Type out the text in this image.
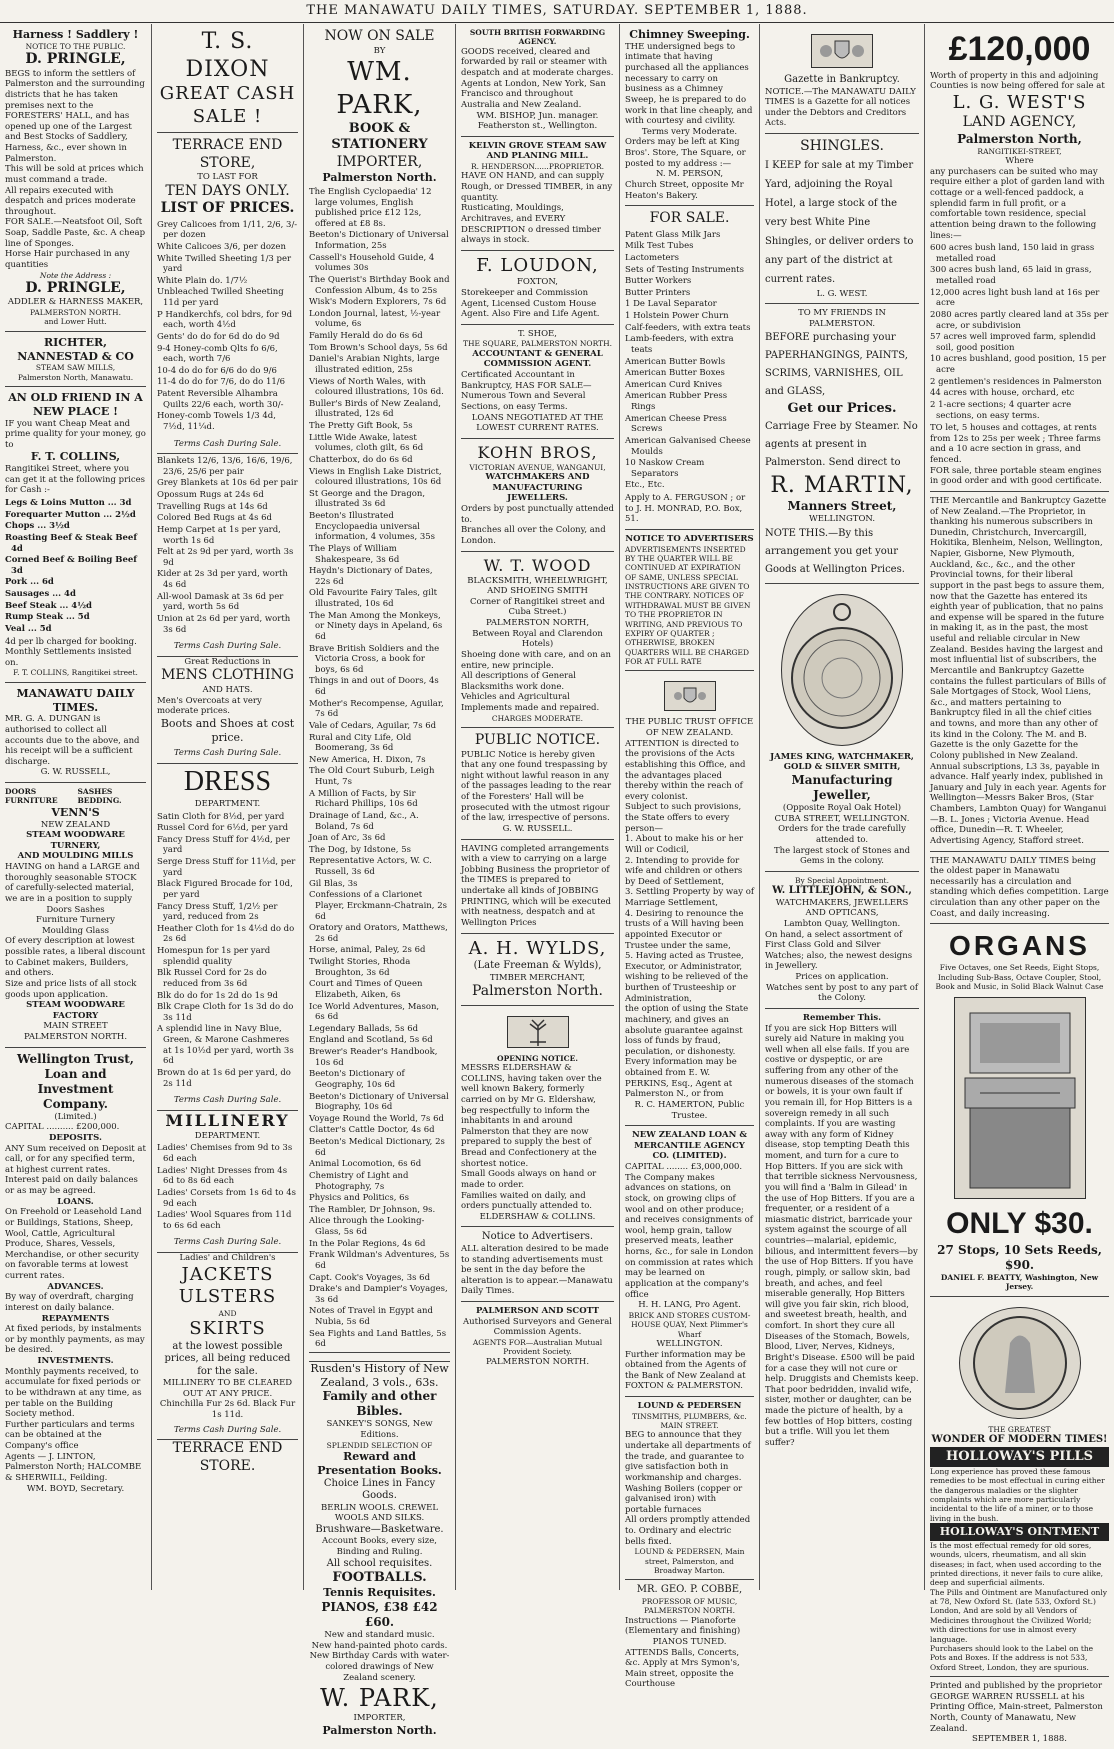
THE MANAWATU DAILY TIMES, SATURDAY. SEPTEMBER 1, 1888.
Harness ! Saddlery !
NOTICE TO THE PUBLIC.
D. PRINGLE,
BEGS to inform the settlers of Palmerston and the surrounding districts that he has taken premises next to the FORESTERS' HALL, and has opened up one of the Largest and Best Stocks of Saddlery, Harness, &c., ever shown in Palmerston.
This will be sold at prices which must command a trade.
All repairs executed with despatch and prices moderate throughout.
FOR SALE.—Neatsfoot Oil, Soft Soap, Saddle Paste, &c. A cheap line of Sponges.
Horse Hair purchased in any quantities
Note the Address :
D. PRINGLE,
ADDLER & HARNESS MAKER,
PALMERSTON NORTH.
and Lower Hutt.
RICHTER, NANNESTAD & CO
STEAM SAW MILLS,
Palmerston North, Manawatu.
AN OLD FRIEND IN A NEW PLACE !
IF you want Cheap Meat and prime quality for your money, go to
F. T. COLLINS,
Rangitikei Street, where you can get it at the following prices for Cash :-
Legs & Loins Mutton ... 3d
Forequarter Mutton ... 2½d
Chops ... 3½d
Roasting Beef & Steak Beef 4d
Corned Beef & Boiling Beef 3d
Pork ... 6d
Sausages ... 4d
Beef Steak ... 4½d
Rump Steak ... 5d
Veal ... 5d
4d per lb charged for booking.
Monthly Settlements insisted on.
F. T. COLLINS, Rangitikei street.
MANAWATU DAILY TIMES.
MR. G. A. DUNGAN is authorised to collect all accounts due to the above, and his receipt will be a sufficient discharge.
G. W. RUSSELL,
DOORS FURNITURE
SASHES BEDDING.
VENN'S
NEW ZEALAND
STEAM WOODWARE TURNERY,
AND MOULDING MILLS
HAVING on hand a LARGE and thoroughly seasonable STOCK of carefully-selected material, we are in a position to supply
Doors Sashes
Furniture Turnery
Moulding Glass
Of every description at lowest possible rates, a liberal discount to Cabinet makers, Builders, and others.
Size and price lists of all stock goods upon application.
STEAM WOODWARE FACTORY
MAIN STREET
PALMERSTON NORTH.
Wellington Trust, Loan and Investment Company.
(Limited.)
CAPITAL .......... £200,000.
DEPOSITS.
ANY Sum received on Deposit at call, or for any specified term, at highest current rates. Interest paid on daily balances or as may be agreed.
LOANS.
On Freehold or Leasehold Land or Buildings, Stations, Sheep, Wool, Cattle, Agricultural Produce, Shares, Vessels, Merchandise, or other security on favorable terms at lowest current rates.
ADVANCES.
By way of overdraft, charging interest on daily balance.
REPAYMENTS
At fixed periods, by instalments or by monthly payments, as may be desired.
INVESTMENTS.
Monthly payments received, to accumulate for fixed periods or to be withdrawn at any time, as per table on the Building Society method.
Further particulars and terms can be obtained at the Company's office
Agents — J. LINTON, Palmerston North; HALCOMBE & SHERWILL, Feilding.
WM. BOYD, Secretary.
T. S. DIXON
GREAT CASH SALE !
TERRACE END STORE,
TO LAST FOR
TEN DAYS ONLY.
LIST OF PRICES.
Grey Calicoes from 1/11, 2/6, 3/- per dozen
White Calicoes 3/6, per dozen
White Twilled Sheeting 1/3 per yard
White Plain do. 1/7½
Unbleached Twilled Sheeting 11d per yard
P Handkerchfs, col bdrs, for 9d each, worth 4½d
Gents' do do for 6d do do 9d
9-4 Honey-comb Qlts fo 6/6, each, worth 7/6
10-4 do do for 6/6 do do 9/6
11-4 do do for 7/6, do do 11/6
Patent Reversible Alhambra Quilts 22/6 each, worth 30/-
Honey-comb Towels 1/3 4d, 7½d, 11¼d.
Terms Cash During Sale.
Blankets 12/6, 13/6, 16/6, 19/6, 23/6, 25/6 per pair
Grey Blankets at 10s 6d per pair
Opossum Rugs at 24s 6d
Travelling Rugs at 14s 6d
Colored Bed Rugs at 4s 6d
Hemp Carpet at 1s per yard, worth 1s 6d
Felt at 2s 9d per yard, worth 3s 9d
Kider at 2s 3d per yard, worth 4s 6d
All-wool Damask at 3s 6d per yard, worth 5s 6d
Union at 2s 6d per yard, worth 3s 6d
Terms Cash During Sale.
Great Reductions in
MENS CLOTHING
AND HATS.
Men's Overcoats at very moderate prices.
Boots and Shoes at cost price.
Terms Cash During Sale.
DRESS
DEPARTMENT.
Satin Cloth for 8½d, per yard
Russel Cord for 6½d, per yard
Fancy Dress Stuff for 4½d, per yard
Serge Dress Stuff for 11½d, per yard
Black Figured Brocade for 10d, per yard
Fancy Dress Stuff, 1/2½ per yard, reduced from 2s
Heather Cloth for 1s 4½d do do 2s 6d
Homespun for 1s per yard splendid quality
Blk Russel Cord for 2s do reduced from 3s 6d
Blk do do for 1s 2d do 1s 9d
Blk Crape Cloth for 1s 3d do do 3s 11d
A splendid line in Navy Blue, Green, & Marone Cashmeres at 1s 10½d per yard, worth 3s 6d
Brown do at 1s 6d per yard, do 2s 11d
Terms Cash During Sale.
MILLINERY
DEPARTMENT.
Ladies' Chemises from 9d to 3s 6d each
Ladies' Night Dresses from 4s 6d to 8s 6d each
Ladies' Corsets from 1s 6d to 4s 9d each
Ladies' Wool Squares from 11d to 6s 6d each
Terms Cash During Sale.
Ladies' and Children's
JACKETS
ULSTERS
AND
SKIRTS
at the lowest possible prices, all being reduced for the sale.
MILLINERY TO BE CLEARED OUT AT ANY PRICE.
Chinchilla Fur 2s 6d. Black Fur 1s 11d.
Terms Cash During Sale.
TERRACE END STORE.
NOW ON SALE
BY
WM. PARK,
BOOK & STATIONERY
IMPORTER,
Palmerston North.
The English Cyclopaedia' 12 large volumes, English published price £12 12s, offered at £8 8s.
Beeton's Dictionary of Universal Information, 25s
Cassell's Household Guide, 4 volumes 30s
The Querist's Birthday Book and Confession Album, 4s to 25s
Wisk's Modern Explorers, 7s 6d
London Journal, latest, ½-year volume, 6s
Family Herald do do 6s 6d
Tom Brown's School days, 5s 6d
Daniel's Arabian Nights, large illustrated edition, 25s
Views of North Wales, with coloured illustrations, 10s 6d.
Buller's Birds of New Zealand, illustrated, 12s 6d
The Pretty Gift Book, 5s
Little Wide Awake, latest volumes, cloth gilt, 6s 6d
Chatterbox, do do 6s 6d
Views in English Lake District, coloured illustrations, 10s 6d
St George and the Dragon, illustrated 3s 6d
Beeton's Illustrated Encyclopaedia universal information, 4 volumes, 35s
The Plays of William Shakespeare, 3s 6d
Haydn's Dictionary of Dates, 22s 6d
Old Favourite Fairy Tales, gilt illustrated, 10s 6d
The Man Among the Monkeys, or Ninety days in Apeland, 6s 6d
Brave British Soldiers and the Victoria Cross, a book for boys, 6s 6d
Things in and out of Doors, 4s 6d
Mother's Recompense, Aguilar, 7s 6d
Vale of Cedars, Aguilar, 7s 6d
Rural and City Life, Old Boomerang, 3s 6d
New America, H. Dixon, 7s
The Old Court Suburb, Leigh Hunt, 7s
A Million of Facts, by Sir Richard Phillips, 10s 6d
Drainage of Land, &c., A. Boland, 7s 6d
Joan of Arc, 3s 6d
The Dog, by Idstone, 5s
Representative Actors, W. C. Russell, 3s 6d
Gil Blas, 3s
Confessions of a Clarionet Player, Erckmann-Chatrain, 2s 6d
Oratory and Orators, Matthews, 2s 6d
Horse, animal, Paley, 2s 6d
Twilight Stories, Rhoda Broughton, 3s 6d
Court and Times of Queen Elizabeth, Aiken, 6s
Ice World Adventures, Mason, 6s 6d
Legendary Ballads, 5s 6d
England and Scotland, 5s 6d
Brewer's Reader's Handbook, 10s 6d
Beeton's Dictionary of Geography, 10s 6d
Beeton's Dictionary of Universal Biography, 10s 6d
Voyage Round the World, 7s 6d
Clatter's Cattle Doctor, 4s 6d
Beeton's Medical Dictionary, 2s 6d
Animal Locomotion, 6s 6d
Chemistry of Light and Photography, 7s
Physics and Politics, 6s
The Rambler, Dr Johnson, 9s.
Alice through the Looking-Glass, 5s 6d
In the Polar Regions, 4s 6d
Frank Wildman's Adventures, 5s 6d
Capt. Cook's Voyages, 3s 6d
Drake's and Dampier's Voyages, 3s 6d
Notes of Travel in Egypt and Nubia, 5s 6d
Sea Fights and Land Battles, 5s 6d
Rusden's History of New Zealand, 3 vols., 63s.
Family and other Bibles.
SANKEY'S SONGS, New Editions.
SPLENDID SELECTION OF
Reward and Presentation Books.
Choice Lines in Fancy Goods.
BERLIN WOOLS. CREWEL WOOLS AND SILKS.
Brushware—Basketware.
Account Books, every size, Binding and Ruling.
All school requisites.
FOOTBALLS.
Tennis Requisites.
PIANOS, £38 £42 £60.
New and standard music.
New hand-painted photo cards.
New Birthday Cards with water-colored drawings of New Zealand scenery.
W. PARK,
IMPORTER,
Palmerston North.
SOUTH BRITISH FORWARDING AGENCY.
GOODS received, cleared and forwarded by rail or steamer with despatch and at moderate charges.
Agents at London, New York, San Francisco and throughout Australia and New Zealand.
WM. BISHOP, Jun. manager.
Featherston st., Wellington.
KELVIN GROVE STEAM SAW AND PLANING MILL.
R. HENDERSON......PROPRIETOR.
HAVE ON HAND, and can supply Rough, or Dressed TIMBER, in any quantity.
Rusticating, Mouldings, Architraves, and EVERY DESCRIPTION o dressed timber always in stock.
F. LOUDON,
FOXTON,
Storekeeper and Commission Agent, Licensed Custom House Agent. Also Fire and Life Agent.
T. SHOE,
THE SQUARE, PALMERSTON NORTH.
ACCOUNTANT & GENERAL COMMISSION AGENT.
Certificated Accountant in Bankruptcy, HAS FOR SALE—Numerous Town and Several Sections, on easy Terms.
LOANS NEGOTIATED AT THE LOWEST CURRENT RATES.
KOHN BROS,
VICTORIAN AVENUE, WANGANUI,
WATCHMAKERS AND MANUFACTURING JEWELLERS.
Orders by post punctually attended to.
Branches all over the Colony, and London.
W. T. WOOD
BLACKSMITH, WHEELWRIGHT, AND SHOEING SMITH
Corner of Rangitikei street and Cuba Street.)
PALMERSTON NORTH,
Between Royal and Clarendon Hotels)
Shoeing done with care, and on an entire, new principle.
All descriptions of General Blacksmiths work done.
Vehicles and Agricultural Implements made and repaired.
CHARGES MODERATE.
PUBLIC NOTICE.
PUBLIC Notice is hereby given that any one found trespassing by night without lawful reason in any of the passages leading to the rear of the Foresters' Hall will be prosecuted with the utmost rigour of the law, irrespective of persons.
G. W. RUSSELL.
HAVING completed arrangements with a view to carrying on a large Jobbing Business the proprietor of the TIMES is prepared to undertake all kinds of JOBBING PRINTING, which will be executed with neatness, despatch and at Wellington Prices
A. H. WYLDS,
(Late Freeman & Wylds),
TIMBER MERCHANT,
Palmerston North.
OPENING NOTICE.
MESSRS ELDERSHAW & COLLINS, having taken over the well known Bakery, formerly carried on by Mr G. Eldershaw, beg respectfully to inform the inhabitants in and around Palmerston that they are now prepared to supply the best of Bread and Confectionery at the shortest notice.
Small Goods always on hand or made to order.
Families waited on daily, and orders punctually attended to.
ELDERSHAW & COLLINS.
Notice to Advertisers.
ALL alteration desired to be made to standing advertisements must be sent in the day before the alteration is to appear.—Manawatu Daily Times.
PALMERSON AND SCOTT
Authorised Surveyors and General Commission Agents.
AGENTS FOR—Australian Mutual Provident Society.
PALMERSTON NORTH.
Chimney Sweeping.
THE undersigned begs to intimate that having purchased all the appliances necessary to carry on business as a Chimney Sweep, he is prepared to do work in that line cheaply, and with courtesy and civility.
Terms very Moderate.
Orders may be left at King Bros'. Store, The Square, or posted to my address :—
N. M. PERSON,
Church Street, opposite Mr Heaton's Bakery.
FOR SALE.
Patent Glass Milk Jars
Milk Test Tubes
Lactometers
Sets of Testing Instruments
Butter Workers
Butter Printers
1 De Laval Separator
1 Holstein Power Churn
Calf-feeders, with extra teats
Lamb-feeders, with extra teats
American Butter Bowls
American Butter Boxes
American Curd Knives
American Rubber Press Rings
American Cheese Press Screws
American Galvanised Cheese Moulds
10 Naskow Cream Separators
Etc., Etc.
Apply to A. FERGUSON ; or to J. H. MONRAD, P.O. Box, 51.
NOTICE TO ADVERTISERS
ADVERTISEMENTS INSERTED BY THE QUARTER WILL BE CONTINUED AT EXPIRATION OF SAME, UNLESS SPECIAL INSTRUCTIONS ARE GIVEN TO THE CONTRARY. NOTICES OF WITHDRAWAL MUST BE GIVEN TO THE PROPRIETOR IN WRITING, AND PREVIOUS TO EXPIRY OF QUARTER ; OTHERWISE, BROKEN QUARTERS WILL BE CHARGED FOR AT FULL RATE
THE PUBLIC TRUST OFFICE OF NEW ZEALAND.
ATTENTION is directed to the provisions of the Acts establishing this Office, and the advantages placed thereby within the reach of every colonist.
Subject to such provisions, the State offers to every person—
1. About to make his or her Will or Codicil,
2. Intending to provide for wife and children or others by Deed of Settlement,
3. Settling Property by way of Marriage Settlement,
4. Desiring to renounce the trusts of a Will having been appointed Executor or Trustee under the same,
5. Having acted as Trustee, Executor, or Administrator, wishing to be relieved of the burthen of Trusteeship or Administration,
the option of using the State machinery, and gives an absolute guarantee against loss of funds by fraud, peculation, or dishonesty.
Every information may be obtained from E. W. PERKINS, Esq., Agent at Palmerston N., or from
R. C. HAMERTON, Public Trustee.
NEW ZEALAND LOAN & MERCANTILE AGENCY CO. (LIMITED).
CAPITAL ........ £3,000,000.
The Company makes advances on stations, on stock, on growing clips of wool and on other produce; and receives consignments of wool, hemp grain, tallow preserved meats, leather horns, &c., for sale in London on commission at rates which may be learned on application at the company's office
H. H. LANG, Pro Agent.
BRICK AND STORES CUSTOM-HOUSE QUAY, Next Plimmer's Wharf
WELLINGTON.
Further information may be obtained from the Agents of the Bank of New Zealand at FOXTON & PALMERSTON.
LOUND & PEDERSEN
TINSMITHS, PLUMBERS, &c. MAIN STREET.
BEG to announce that they undertake all departments of the trade, and guarantee to give satisfaction both in workmanship and charges.
Washing Boilers (copper or galvanised iron) with portable furnaces
All orders promptly attended to. Ordinary and electric bells fixed.
LOUND & PEDERSEN, Main street, Palmerston, and Broadway Marton.
MR. GEO. P. COBBE,
PROFESSOR OF MUSIC, PALMERSTON NORTH.
Instructions — Pianoforte (Elementary and finishing)
PIANOS TUNED.
ATTENDS Balls, Concerts, &c. Apply at Mrs Symon's, Main street, opposite the Courthouse
Gazette in Bankruptcy.
NOTICE.—The MANAWATU DAILY TIMES is a Gazette for all notices under the Debtors and Creditors Acts.
SHINGLES.
I KEEP for sale at my Timber Yard, adjoining the Royal Hotel, a large stock of the very best White Pine Shingles, or deliver orders to any part of the district at current rates.
L. G. WEST.
TO MY FRIENDS IN PALMERSTON.
BEFORE purchasing your PAPERHANGINGS, PAINTS, SCRIMS, VARNISHES, OIL and GLASS,
Get our Prices.
Carriage Free by Steamer. No agents at present in Palmerston. Send direct to
R. MARTIN,
Manners Street,
WELLINGTON.
NOTE THIS.—By this arrangement you get your Goods at Wellington Prices.
JAMES KING, WATCHMAKER, GOLD & SILVER SMITH,
Manufacturing Jeweller,
(Opposite Royal Oak Hotel)
CUBA STREET, WELLINGTON.
Orders for the trade carefully attended to.
The largest stock of Stones and Gems in the colony.
By Special Appointment.
W. LITTLEJOHN, & SON.,
WATCHMAKERS, JEWELLERS AND OPTICANS,
Lambton Quay, Wellington.
On hand, a select assortment of First Class Gold and Silver Watches; also, the newest designs in Jewellery.
Prices on application.
Watches sent by post to any part of the Colony.
Remember This.
If you are sick Hop Bitters will surely aid Nature in making you well when all else fails. If you are costive or dyspeptic, or are suffering from any other of the numerous diseases of the stomach or bowels, it is your own fault if you remain ill, for Hop Bitters is a sovereign remedy in all such complaints. If you are wasting away with any form of Kidney disease, stop tempting Death this moment, and turn for a cure to Hop Bitters. If you are sick with that terrible sickness Nervousness, you will find a 'Balm in Gilead' in the use of Hop Bitters. If you are a frequenter, or a resident of a miasmatic district, barricade your system against the scourge of all countries—malarial, epidemic, bilious, and intermittent fevers—by the use of Hop Bitters. If you have rough, pimply, or sallow skin, bad breath, and aches, and feel miserable generally, Hop Bitters will give you fair skin, rich blood, and sweetest breath, health, and comfort. In short they cure all Diseases of the Stomach, Bowels, Blood, Liver, Nerves, Kidneys, Bright's Disease. £500 will be paid for a case they will not cure or help. Druggists and Chemists keep. That poor bedridden, invalid wife, sister, mother or daughter, can be made the picture of health, by a few bottles of Hop bitters, costing but a trifle. Will you let them suffer?
£120,000
Worth of property in this and adjoining Counties is now being offered for sale at
L. G. WEST'S
LAND AGENCY,
Palmerston North,
RANGITIKEI-STREET,
Where
any purchasers can be suited who may require either a plot of garden land with cottage or a well-fenced paddock, a splendid farm in full profit, or a comfortable town residence, special attention being drawn to the following lines:—
600 acres bush land, 150 laid in grass metalled road
300 acres bush land, 65 laid in grass, metalled road
12,000 acres light bush land at 16s per acre
2080 acres partly cleared land at 35s per acre, or subdivision
57 acres well improved farm, splendid soil, good position
10 acres bushland, good position, 15 per acre
2 gentlemen's residences in Palmerston
44 acres with house, orchard, etc
2 1-acre sections; 4 quarter acre sections, on easy terms.
TO let, 5 houses and cottages, at rents from 12s to 25s per week ; Three farms and a 10 acre section in grass, and fenced.
FOR sale, three portable steam engines in good order and with good certificate.
THE Mercantile and Bankruptcy Gazette of New Zealand.—The Proprietor, in thanking his numerous subscribers in Dunedin, Christchurch, Invercargill, Hokitika, Blenheim, Nelson, Wellington, Napier, Gisborne, New Plymouth, Auckland, &c., &c., and the other Provincial towns, for their liberal support in the past begs to assure them, now that the Gazette has entered its eighth year of publication, that no pains and expense will be spared in the future in making it, as in the past, the most useful and reliable circular in New Zealand. Besides having the largest and most influential list of subscribers, the Mercantile and Bankruptcy Gazette contains the fullest particulars of Bills of Sale Mortgages of Stock, Wool Liens, &c., and matters pertaining to Bankruptcy filed in all the chief cities and towns, and more than any other of its kind in the Colony. The M. and B. Gazette is the only Gazette for the Colony published in New Zealand. Annual subscriptions, L3 3s, payable in advance. Half yearly index, published in January and July in each year. Agents for Wellington—Messrs Baker Bros, (Star Chambers, Lambton Quay) for Wanganui —B. L. Jones ; Victoria Avenue. Head office, Dunedin—R. T. Wheeler, Advertising Agency, Stafford street.
THE MANAWATU DAILY TIMES being the oldest paper in Manawatu necessarily has a circulation and standing which defies competition. Large circulation than any other paper on the Coast, and daily increasing.
ORGANS
Five Octaves, one Set Reeds, Eight Stops, Including Sub-Bass, Octave Coupler, Stool, Book and Music, in Solid Black Walnut Case
ONLY $30.
27 Stops, 10 Sets Reeds, $90.
DANIEL F. BEATTY, Washington, New Jersey.
THE GREATEST
WONDER OF MODERN TIMES!
HOLLOWAY'S PILLS
Long experience has proved these famous remedies to be most effectual in curing either the dangerous maladies or the slighter complaints which are more particularly incidental to the life of a miner, or to those living in the bush.
HOLLOWAY'S OINTMENT
Is the most effectual remedy for old sores, wounds, ulcers, rheumatism, and all skin diseases; in fact, when used according to the printed directions, it never fails to cure alike, deep and superficial ailments.
The Pills and Ointment are Manufactured only at 78, New Oxford St. (late 533, Oxford St.) London, And are sold by all Vendors of Medicines throughout the Civilized World; with directions for use in almost every language.
Purchasers should look to the Label on the Pots and Boxes. If the address is not 533, Oxford Street, London, they are spurious.
Printed and published by the proprietor GEORGE WARREN RUSSELL at his Printing Office, Main-street, Palmerston North, County of Manawatu, New Zealand.
SEPTEMBER 1, 1888.
